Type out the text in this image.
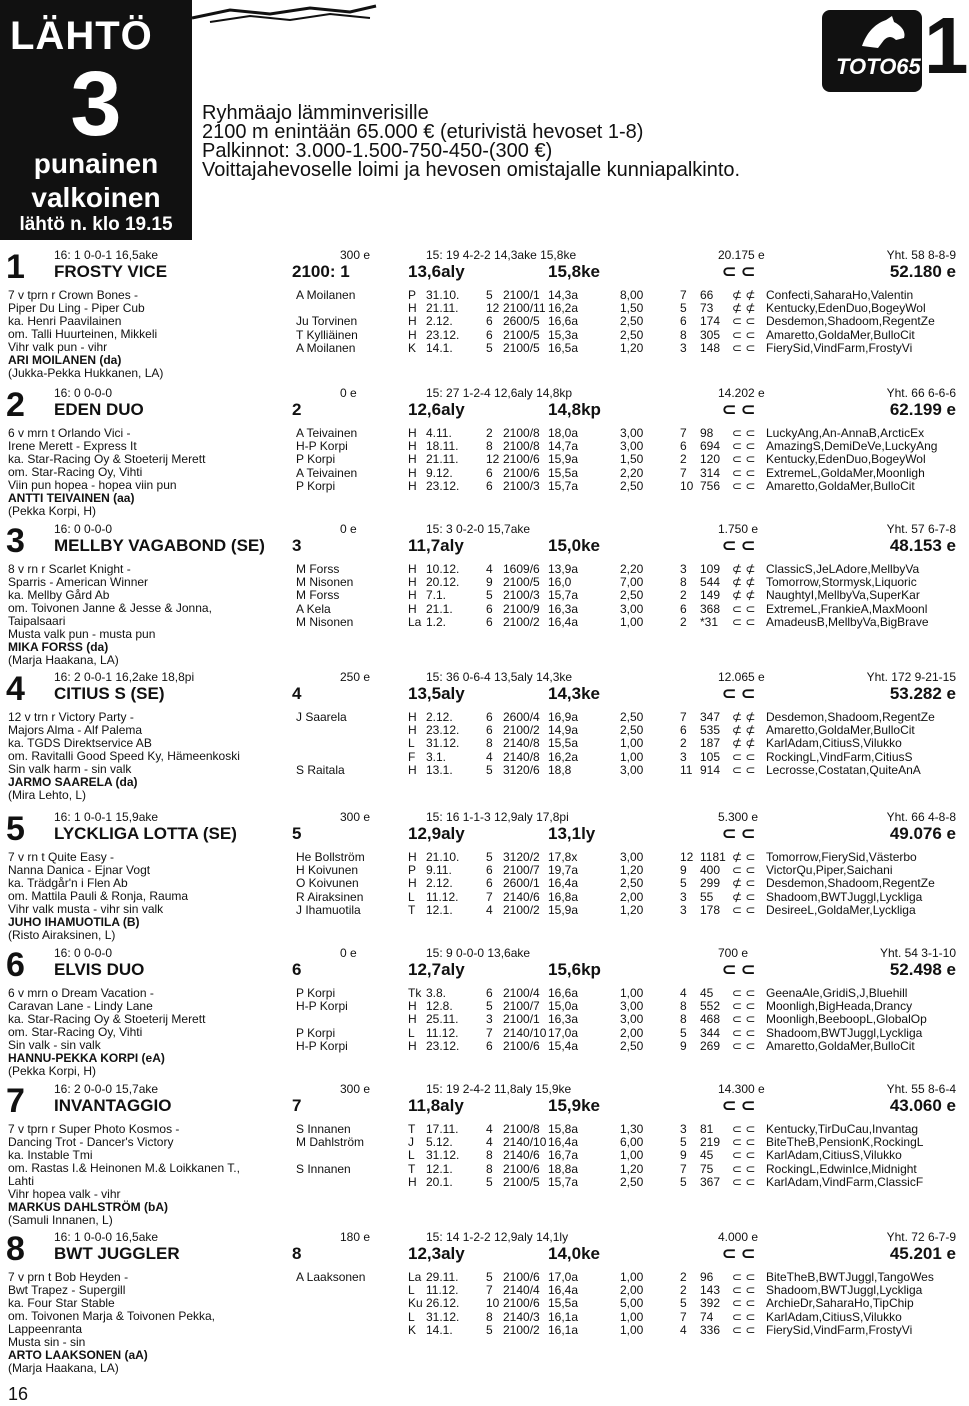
LÄHTÖ
3
punainen
valkoinen
lähtö n. klo 19.15
TOTO65 1
Ryhmäajo lämminverisille
2100 m enintään 65.000 € (eturivistä hevoset 1-8)
Palkinnot: 3.000-1.500-750-450-(300 €)
Voittajahevoselle loimi ja hevosen omistajalle kunniapalkinto.
1 16: 1 0-0-1 16,5ake	300 e	15: 19 4-2-2 14,3ake 15,8ke	20.175 e	Yht. 58 8-8-9
FROSTY VICE	2100: 1	13,6aly	15,8ke	⊂ ⊂	52.180 e
7 v tprn r Crown Bones -
Piper Du Ling - Piper Cub
ka. Henri Paavilainen
om. Talli Huurteinen, Mikkeli
Vihr valk pun - vihr
ARI MOILANEN (da)
(Jukka-Pekka Hukkanen, LA)
A Moilanen	P 31.10. 5 2100/1 14,3a	8,00	7 66 ⊄ ⊄ Confecti,SaharaHo,Valentin
H 21.11. 12 2100/11 16,2a	1,50	5 73 ⊄ ⊄ Kentucky,EdenDuo,BogeyWol
Ju Torvinen	H 2.12.	6 2600/5 16,6a	2,50	6 174 ⊂ ⊂ Desdemon,Shadoom,RegentZe
T Kylliäinen	H 23.12. 6 2100/5 15,3a	2,50	8 305 ⊂ ⊂ Amaretto,GoldaMer,BulloCit
A Moilanen	K 14.1.	5 2100/5 16,5a	1,20	3 148 ⊂ ⊂ FierySid,VindFarm,FrostyVi
2 16: 0 0-0-0	0 e	15: 27 1-2-4 12,6aly 14,8kp	14.202 e	Yht. 66 6-6-6
EDEN DUO	2	12,6aly	14,8kp	⊂ ⊂	62.199 e
6 v mrn t Orlando Vici -
Irene Merett - Express It
ka. Star-Racing Oy & Stoeterij Merett
om. Star-Racing Oy, Vihti
Viin pun hopea - hopea viin pun
ANTTI TEIVAINEN (aa)
(Pekka Korpi, H)
A Teivainen	H 4.11.	2 2100/8 18,0a	3,00	7 98 ⊂ ⊂ LuckyAng,An-AnnaB,ArcticEx
H-P Korpi	H 18.11. 8 2100/8 14,7a	3,00	6 694 ⊂ ⊂ AmazingS,DemiDeVe,LuckyAng
P Korpi	H 21.11. 12 2100/6 15,9a	1,50	2 120 ⊂ ⊂ Kentucky,EdenDuo,BogeyWol
A Teivainen	H 9.12.	6 2100/6 15,5a	2,20	7 314 ⊂ ⊂ ExtremeL,GoldaMer,Moonligh
P Korpi	H 23.12. 6 2100/3 15,7a	2,50	10 756 ⊂ ⊂ Amaretto,GoldaMer,BulloCit
3 16: 0 0-0-0	0 e	15: 3 0-2-0 15,7ake	1.750 e	Yht. 57 6-7-8
MELLBY VAGABOND (SE) 3	11,7aly	15,0ke	⊂ ⊂	48.153 e
8 v rn r Scarlet Knight -
Sparris - American Winner
ka. Mellby Gård Ab
om. Toivonen Janne & Jesse & Jonna,
Taipalsaari
Musta valk pun - musta pun
MIKA FORSS (da)
(Marja Haakana, LA)
M Forss	H 10.12. 4 1609/6 13,9a	2,20	3 109 ⊄ ⊄ ClassicS,JeLAdore,MellbyVa
M Nisonen	H 20.12. 9 2100/5 16,0	7,00	8 544 ⊄ ⊄ Tomorrow,Stormysk,Liquoric
M Forss	H 7.1.	5 2100/3 15,7a	2,50	2 149 ⊄ ⊄ NaughtyI,MellbyVa,SuperKar
A Kela	H 21.1.	6 2100/9 16,3a	3,00	6 368 ⊂ ⊂ ExtremeL,FrankieA,MaxMoonl
M Nisonen	La 1.2.	6 2100/2 16,4a	1,00	2 *31 ⊂ ⊂ AmadeusB,MellbyVa,BigBrave
4 16: 2 0-0-1 16,2ake 18,8pi	250 e	15: 36 0-6-4 13,5aly 14,3ke	12.065 e	Yht. 172 9-21-15
CITIUS S (SE)	4	13,5aly	14,3ke	⊂ ⊂	53.282 e
12 v trn r Victory Party -
Majors Alma - Alf Palema
ka. TGDS Direktservice AB
om. Ravitalli Good Speed Ky, Hämeenkoski
Sin valk harm - sin valk
JARMO SAARELA (da)
(Mira Lehto, L)
J Saarela	H 2.12.	6 2600/4 16,9a	2,50	7 347 ⊄ ⊄ Desdemon,Shadoom,RegentZe
H 23.12. 6 2100/2 14,9a	2,50	6 535 ⊄ ⊄ Amaretto,GoldaMer,BulloCit
L 31.12. 8 2140/8 15,5a	1,00	2 187 ⊄ ⊄ KarlAdam,CitiusS,Vilukko
F 3.1.	4 2140/8 16,2a	1,00	3 105 ⊂ ⊂ RockingL,VindFarm,CitiusS
S Raitala	H 13.1.	5 3120/6 18,8	3,00	11 914 ⊂ ⊂ Lecrosse,Costatan,QuiteAnA
5 16: 1 0-0-1 15,9ake	300 e	15: 16 1-1-3 12,9aly 17,8pi	5.300 e	Yht. 66 4-8-8
LYCKLIGA LOTTA (SE)	5	12,9aly	13,1ly	⊂ ⊂	49.076 e
7 v rn t Quite Easy -
Nanna Danica - Ejnar Vogt
ka. Trädgår'n i Flen Ab
om. Mattila Pauli & Ronja, Rauma
Vihr valk musta - vihr sin valk
JUHO IHAMUOTILA (B)
(Risto Airaksinen, L)
He Bollström	H 21.10. 5 3120/2 17,8x	3,00	12 1181 ⊄ ⊂ Tomorrow,FierySid,Västerbo
H Koivunen	P 9.11.	6 2100/7 19,7a	1,20	9 400 ⊂ ⊂ VictorQu,Piper,Saichani
O Koivunen	H 2.12.	6 2600/1 16,4a	2,50	5 299 ⊄ ⊂ Desdemon,Shadoom,RegentZe
R Airaksinen	L 11.12. 7 2140/6 16,8a	2,00	3 55 ⊄ ⊂ Shadoom,BWTJuggl,Lyckliga
J Ihamuotila	T 12.1.	4 2100/2 15,9a	1,20	3 178 ⊂ ⊂ DesireeL,GoldaMer,Lyckliga
6 16: 0 0-0-0	0 e	15: 9 0-0-0 13,6ake	700 e	Yht. 54 3-1-10
ELVIS DUO	6	12,7aly	15,6kp	⊂ ⊂	52.498 e
6 v mrn o Dream Vacation -
Caravan Lane - Lindy Lane
ka. Star-Racing Oy & Stoeterij Merett
om. Star-Racing Oy, Vihti
Sin valk - sin valk
HANNU-PEKKA KORPI (eA)
(Pekka Korpi, H)
P Korpi	Tk 3.8.	6 2100/4 16,6a	1,00	4 45 ⊂ ⊂ GeenaAle,GridiS,J,Bluehill
H-P Korpi	H 12.8.	5 2100/7 15,0a	3,00	8 552 ⊂ ⊂ Moonligh,BigHeada,Drancy
H 25.11. 3 2100/1 16,3a	3,00	8 468 ⊂ ⊂ Moonligh,BeeboopL,GlobalOp
P Korpi	L 11.12. 7 2140/10 17,0a	2,00	5 344 ⊂ ⊂ Shadoom,BWTJuggl,Lyckliga
H-P Korpi	H 23.12. 6 2100/6 15,4a	2,50	9 269 ⊂ ⊂ Amaretto,GoldaMer,BulloCit
7 16: 2 0-0-0 15,7ake	300 e	15: 19 2-4-2 11,8aly 15,9ke	14.300 e	Yht. 55 8-6-4
INVANTAGGIO	7	11,8aly	15,9ke	⊂ ⊂	43.060 e
7 v tprn r Super Photo Kosmos -
Dancing Trot - Dancer's Victory
ka. Instable Tmi
om. Rastas I.& Heinonen M.& Loikkanen T.,
Lahti
Vihr hopea valk - vihr
MARKUS DAHLSTRÖM (bA)
(Samuli Innanen, L)
S Innanen	T 17.11. 4 2100/8 15,8a	1,30	3 81 ⊂ ⊂ Kentucky,TirDuCau,Invantag
M Dahlström	J 5.12.	4 2140/10 16,4a	6,00	5 219 ⊂ ⊂ BiteTheB,PensionK,RockingL
L 31.12. 8 2140/6 16,7a	1,00	9 45 ⊂ ⊂ KarlAdam,CitiusS,Vilukko
S Innanen	T 12.1.	8 2100/6 18,8a	1,20	7 75 ⊂ ⊂ RockingL,EdwinIce,Midnight
H 20.1.	5 2100/5 15,7a	2,50	5 367 ⊂ ⊂ KarlAdam,VindFarm,ClassicF
8 16: 1 0-0-0 16,5ake	180 e	15: 14 1-2-2 12,9aly 14,1ly	4.000 e	Yht. 72 6-7-9
BWT JUGGLER	8	12,3aly	14,0ke	⊂ ⊂	45.201 e
7 v prn t Bob Heyden -
Bwt Trapez - Supergill
ka. Four Star Stable
om. Toivonen Marja & Toivonen Pekka,
Lappeenranta
Musta sin - sin
ARTO LAAKSONEN (aA)
(Marja Haakana, LA)
A Laaksonen	La 29.11. 5 2100/6 17,0a	1,00	2 96 ⊂ ⊂ BiteTheB,BWTJuggl,TangoWes
L 11.12. 7 2140/4 16,4a	2,00	2 143 ⊂ ⊂ Shadoom,BWTJuggl,Lyckliga
Ku 26.12. 10 2100/6 15,5a	5,00	5 392 ⊂ ⊂ ArchieDr,SaharaHo,TipChip
L 31.12. 8 2140/3 16,1a	1,00	7 74 ⊂ ⊂ KarlAdam,CitiusS,Vilukko
K 14.1.	5 2100/2 16,1a	1,00	4 336 ⊂ ⊂ FierySid,VindFarm,FrostyVi
16
